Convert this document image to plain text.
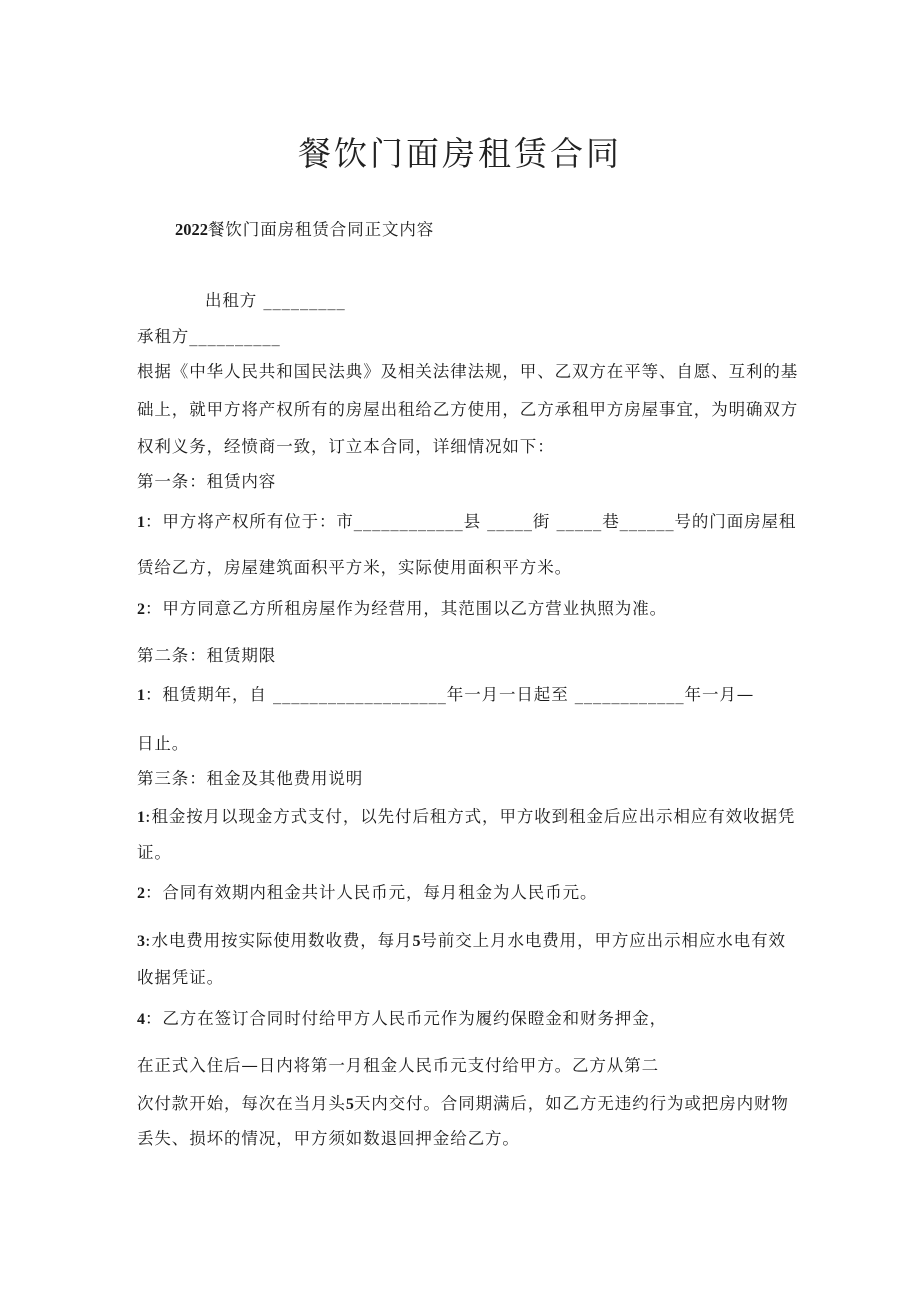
餐饮门面房租赁合同
2022餐饮门面房租赁合同正文内容
出租方 _________
承租方__________
根据《中华人民共和国民法典》及相关法律法规，甲、乙双方在平等、自愿、互利的基
础上，就甲方将产权所有的房屋出租给乙方使用，乙方承租甲方房屋事宜，为明确双方
权利义务，经愤商一致，订立本合同，详细情况如下：
第一条：租赁内容
1：甲方将产权所有位于：市____________县 _____街 _____巷______号的门面房屋租
赁给乙方，房屋建筑面积平方米，实际使用面积平方米。
2：甲方同意乙方所租房屋作为经营用，其范围以乙方营业执照为准。
第二条：租赁期限
1：租赁期年，自 ___________________年一月一日起至 ____________年一月—
日止。
第三条：租金及其他费用说明
1:租金按月以现金方式支付，以先付后租方式，甲方收到租金后应出示相应有效收据凭
证。
2：合同有效期内租金共计人民币元，每月租金为人民币元。
3:水电费用按实际使用数收费，每月5号前交上月水电费用，甲方应出示相应水电有效
收据凭证。
4：乙方在签订合同时付给甲方人民币元作为履约保瞪金和财务押金，
在正式入住后—日内将第一月租金人民币元支付给甲方。乙方从第二
次付款开始，每次在当月头5天内交付。合同期满后，如乙方无违约行为或把房内财物
丢失、损坏的情况，甲方须如数退回押金给乙方。
